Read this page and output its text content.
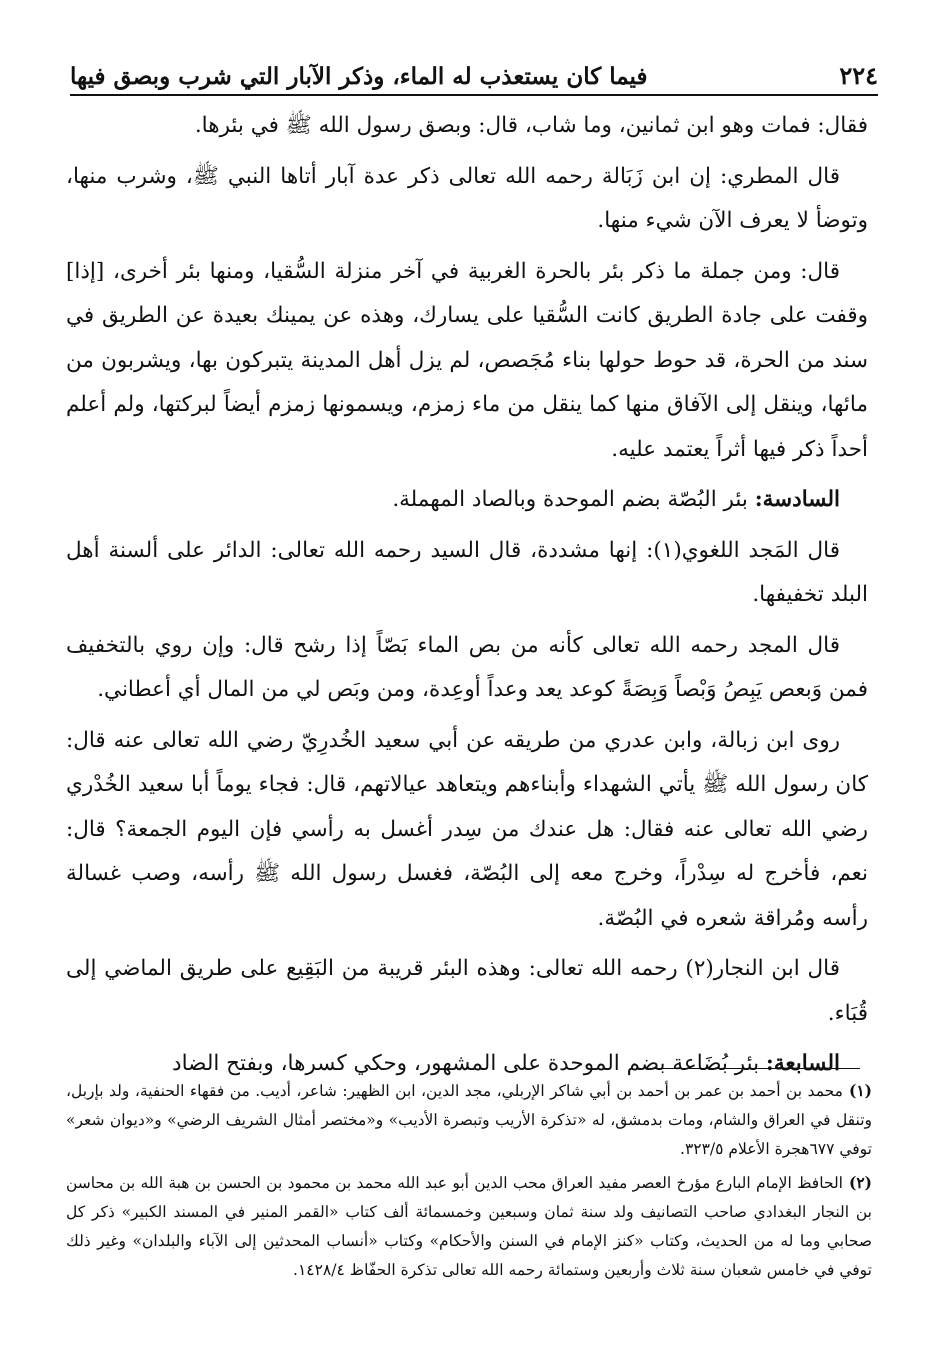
٢٢٤
فيما كان يستعذب له الماء، وذكر الآبار التي شرب وبصق فيها

فقال: فمات وهو ابن ثمانين، وما شاب، قال: وبصق رسول الله ﷺ في بئرها.

قال المطري: إن ابن زَبَالة رحمه الله تعالى ذكر عدة آبار أتاها النبي ﷺ، وشرب منها، وتوضأ لا يعرف الآن شيء منها.

قال: ومن جملة ما ذكر بئر بالحرة الغربية في آخر منزلة السُّقيا، ومنها بئر أخرى، [إذا] وقفت على جادة الطريق كانت السُّقيا على يسارك، وهذه عن يمينك بعيدة عن الطريق في سند من الحرة، قد حوط حولها بناء مُجَصص، لم يزل أهل المدينة يتبركون بها، ويشربون من مائها، وينقل إلى الآفاق منها كما ينقل من ماء زمزم، ويسمونها زمزم أيضاً لبركتها، ولم أعلم أحداً ذكر فيها أثراً يعتمد عليه.

السادسة: بئر البُصّة بضم الموحدة وبالصاد المهملة.

قال المَجد اللغوي(١): إنها مشددة، قال السيد رحمه الله تعالى: الدائر على ألسنة أهل البلد تخفيفها.

قال المجد رحمه الله تعالى كأنه من بص الماء بَصّاً إذا رشح قال: وإن روي بالتخفيف فمن وَبعص يَبِصُ وَبْصاً وَبِصَةً كوعد يعد وعداً أوعِدة، ومن وبَص لي من المال أي أعطاني.

روى ابن زبالة، وابن عدري من طريقه عن أبي سعيد الخُدرِيّ رضي الله تعالى عنه قال: كان رسول الله ﷺ يأتي الشهداء وأبناءهم ويتعاهد عيالاتهم، قال: فجاء يوماً أبا سعيد الخُدْري رضي الله تعالى عنه فقال: هل عندك من سِدر أغسل به رأسي فإن اليوم الجمعة؟ قال: نعم، فأخرج له سِدْراً، وخرج معه إلى البُصّة، فغسل رسول الله ﷺ رأسه، وصب غسالة رأسه ومُراقة شعره في البُصّة.

قال ابن النجار(٢) رحمه الله تعالى: وهذه البئر قريبة من البَقِيع على طريق الماضي إلى قُبَاء.

السابعة: بئر بُضَاعة بضم الموحدة على المشهور، وحكي كسرها، وبفتح الضاد

(١)محمد بن أحمد بن عمر بن أحمد بن أبي شاكر الإربلي، مجد الدين، ابن الظهير: شاعر، أديب. من فقهاء الحنفية، ولد بإربل، وتنقل في العراق والشام، ومات بدمشق، له «تذكرة الأريب وتبصرة الأديب» و«مختصر أمثال الشريف الرضي» و«ديوان شعر» توفي ٦٧٧هجرة الأعلام ٣٢٣/٥.

(٢)الحافظ الإمام البارع مؤرخ العصر مفيد العراق محب الدين أبو عبد الله محمد بن محمود بن الحسن بن هبة الله بن محاسن بن النجار البغدادي صاحب التصانيف ولد سنة ثمان وسبعين وخمسمائة ألف كتاب «القمر المنير في المسند الكبير» ذكر كل صحابي وما له من الحديث، وكتاب «كنز الإمام في السنن والأحكام» وكتاب «أنساب المحدثين إلى الآباء والبلدان» وغير ذلك توفي في خامس شعبان سنة ثلاث وأربعين وستمائة رحمه الله تعالى تذكرة الحفّاظ ١٤٢٨/٤.
